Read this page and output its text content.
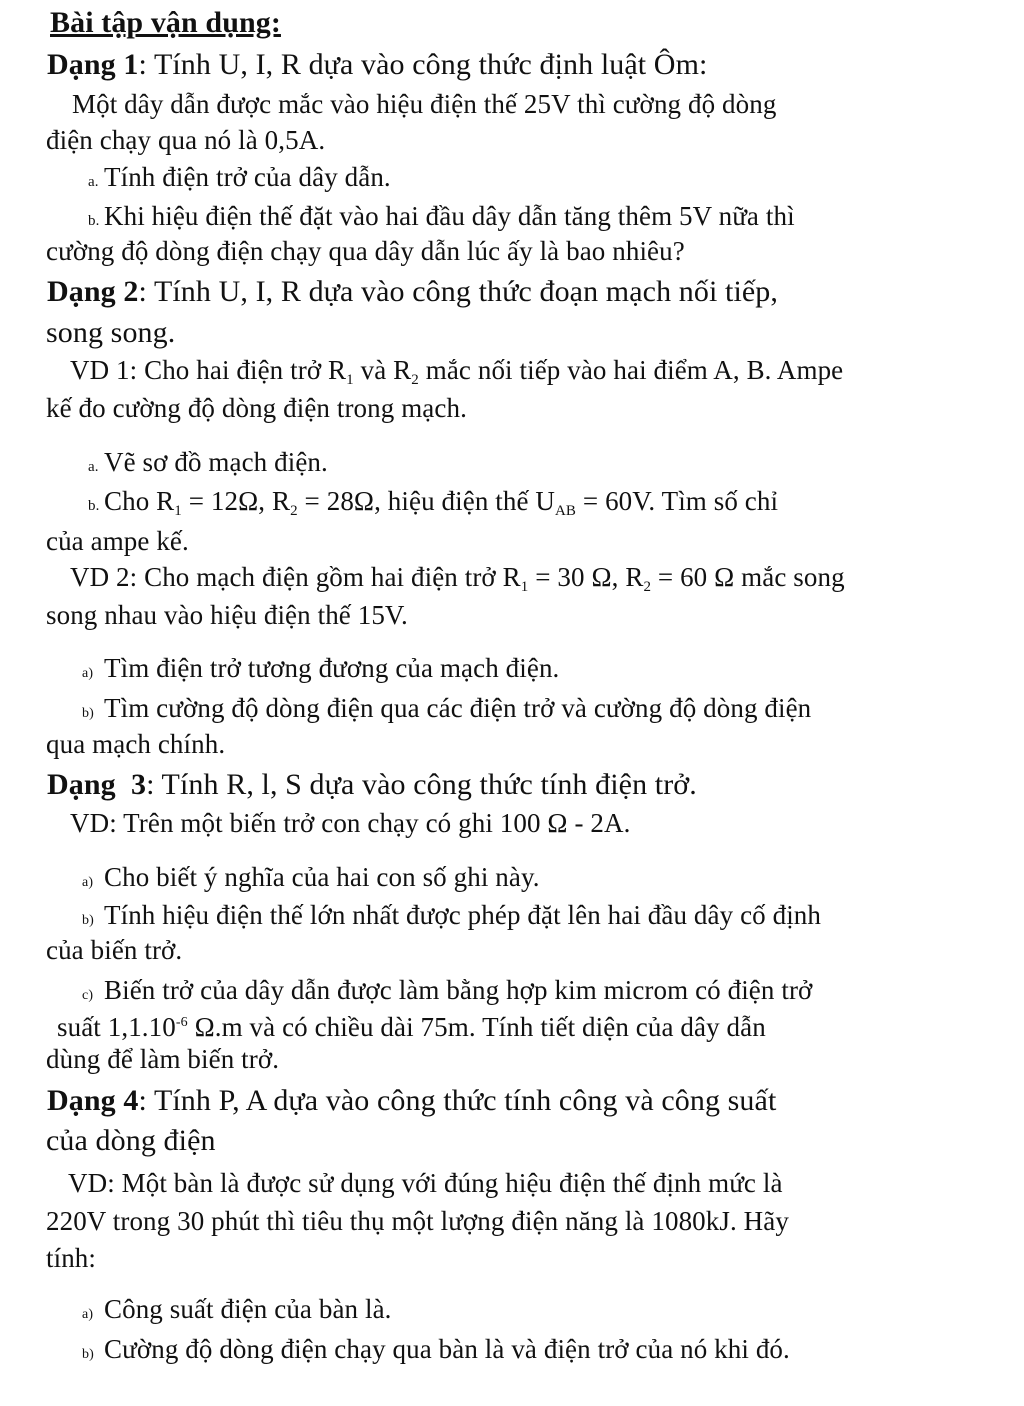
Bài tập vận dụng:
Dạng 1: Tính U, I, R dựa vào công thức định luật Ôm:
Một dây dẫn được mắc vào hiệu điện thế 25V thì cường độ dòng
điện chạy qua nó là 0,5A.
a. Tính điện trở của dây dẫn.
b. Khi hiệu điện thế đặt vào hai đầu dây dẫn tăng thêm 5V nữa thì
cường độ dòng điện chạy qua dây dẫn lúc ấy là bao nhiêu?
Dạng 2: Tính U, I, R dựa vào công thức đoạn mạch nối tiếp,
song song.
VD 1: Cho hai điện trở $R_1$ và $R_2$ mắc nối tiếp vào hai điểm A, B. Ampe
kế đo cường độ dòng điện trong mạch.
a. Vẽ sơ đồ mạch điện.
b. Cho $R_1 = 12\Omega$, $R_2 = 28\Omega$, hiệu điện thế $U_{AB} = 60V$. Tìm số chỉ
của ampe kế.
VD 2: Cho mạch điện gồm hai điện trở $R_1 = 30$ Ω, $R_2 = 60$ Ω mắc song
song nhau vào hiệu điện thế 15V.
a) Tìm điện trở tương đương của mạch điện.
b) Tìm cường độ dòng điện qua các điện trở và cường độ dòng điện
qua mạch chính.
Dạng  3: Tính R, l, S dựa vào công thức tính điện trở.
VD: Trên một biến trở con chạy có ghi 100 Ω - 2A.
a) Cho biết ý nghĩa của hai con số ghi này.
b) Tính hiệu điện thế lớn nhất được phép đặt lên hai đầu dây cố định
của biến trở.
c) Biến trở của dây dẫn được làm bằng hợp kim microm có điện trở
suất $1,1.10^{-6}$ Ω.m và có chiều dài 75m. Tính tiết diện của dây dẫn
dùng để làm biến trở.
Dạng 4: Tính P, A dựa vào công thức tính công và công suất
của dòng điện
VD: Một bàn là được sử dụng với đúng hiệu điện thế định mức là
220V trong 30 phút thì tiêu thụ một lượng điện năng là 1080kJ. Hãy
tính:
a) Công suất điện của bàn là.
b) Cường độ dòng điện chạy qua bàn là và điện trở của nó khi đó.
